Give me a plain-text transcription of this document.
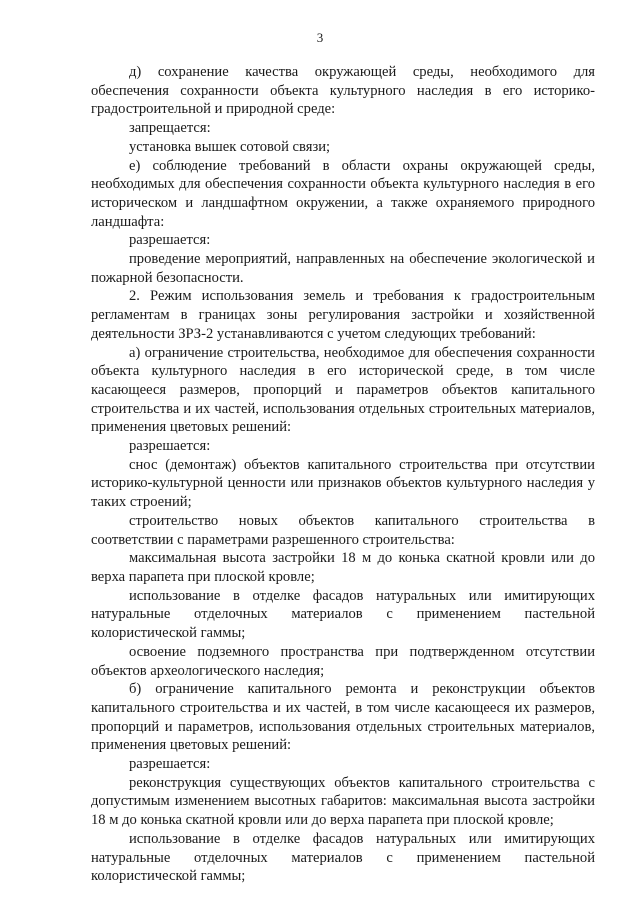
3

д) сохранение качества окружающей среды, необходимого для обеспечения сохранности объекта культурного наследия в его историко-градостроительной и природной среде:

запрещается:

установка вышек сотовой связи;

е) соблюдение требований в области охраны окружающей среды, необходимых для обеспечения сохранности объекта культурного наследия в его историческом и ландшафтном окружении, а также охраняемого природного ландшафта:

разрешается:

проведение мероприятий, направленных на обеспечение экологической и пожарной безопасности.

2. Режим использования земель и требования к градостроительным регламентам в границах зоны регулирования застройки и хозяйственной деятельности ЗРЗ-2 устанавливаются с учетом следующих требований:

а) ограничение строительства, необходимое для обеспечения сохранности объекта культурного наследия в его исторической среде, в том числе касающееся размеров, пропорций и параметров объектов капитального строительства и их частей, использования отдельных строительных материалов, применения цветовых решений:

разрешается:

снос (демонтаж) объектов капитального строительства при отсутствии историко-культурной ценности или признаков объектов культурного наследия у таких строений;

строительство новых объектов капитального строительства в соответствии с параметрами разрешенного строительства:

максимальная высота застройки 18 м до конька скатной кровли или до верха парапета при плоской кровле;

использование в отделке фасадов натуральных или имитирующих натуральные отделочных материалов с применением пастельной колористической гаммы;

освоение подземного пространства при подтвержденном отсутствии объектов археологического наследия;

б) ограничение капитального ремонта и реконструкции объектов капитального строительства и их частей, в том числе касающееся их размеров, пропорций и параметров, использования отдельных строительных материалов, применения цветовых решений:

разрешается:

реконструкция существующих объектов капитального строительства с допустимым изменением высотных габаритов: максимальная высота застройки 18 м до конька скатной кровли или до верха парапета при плоской кровле;

использование в отделке фасадов натуральных или имитирующих натуральные отделочных материалов с применением пастельной колористической гаммы;
